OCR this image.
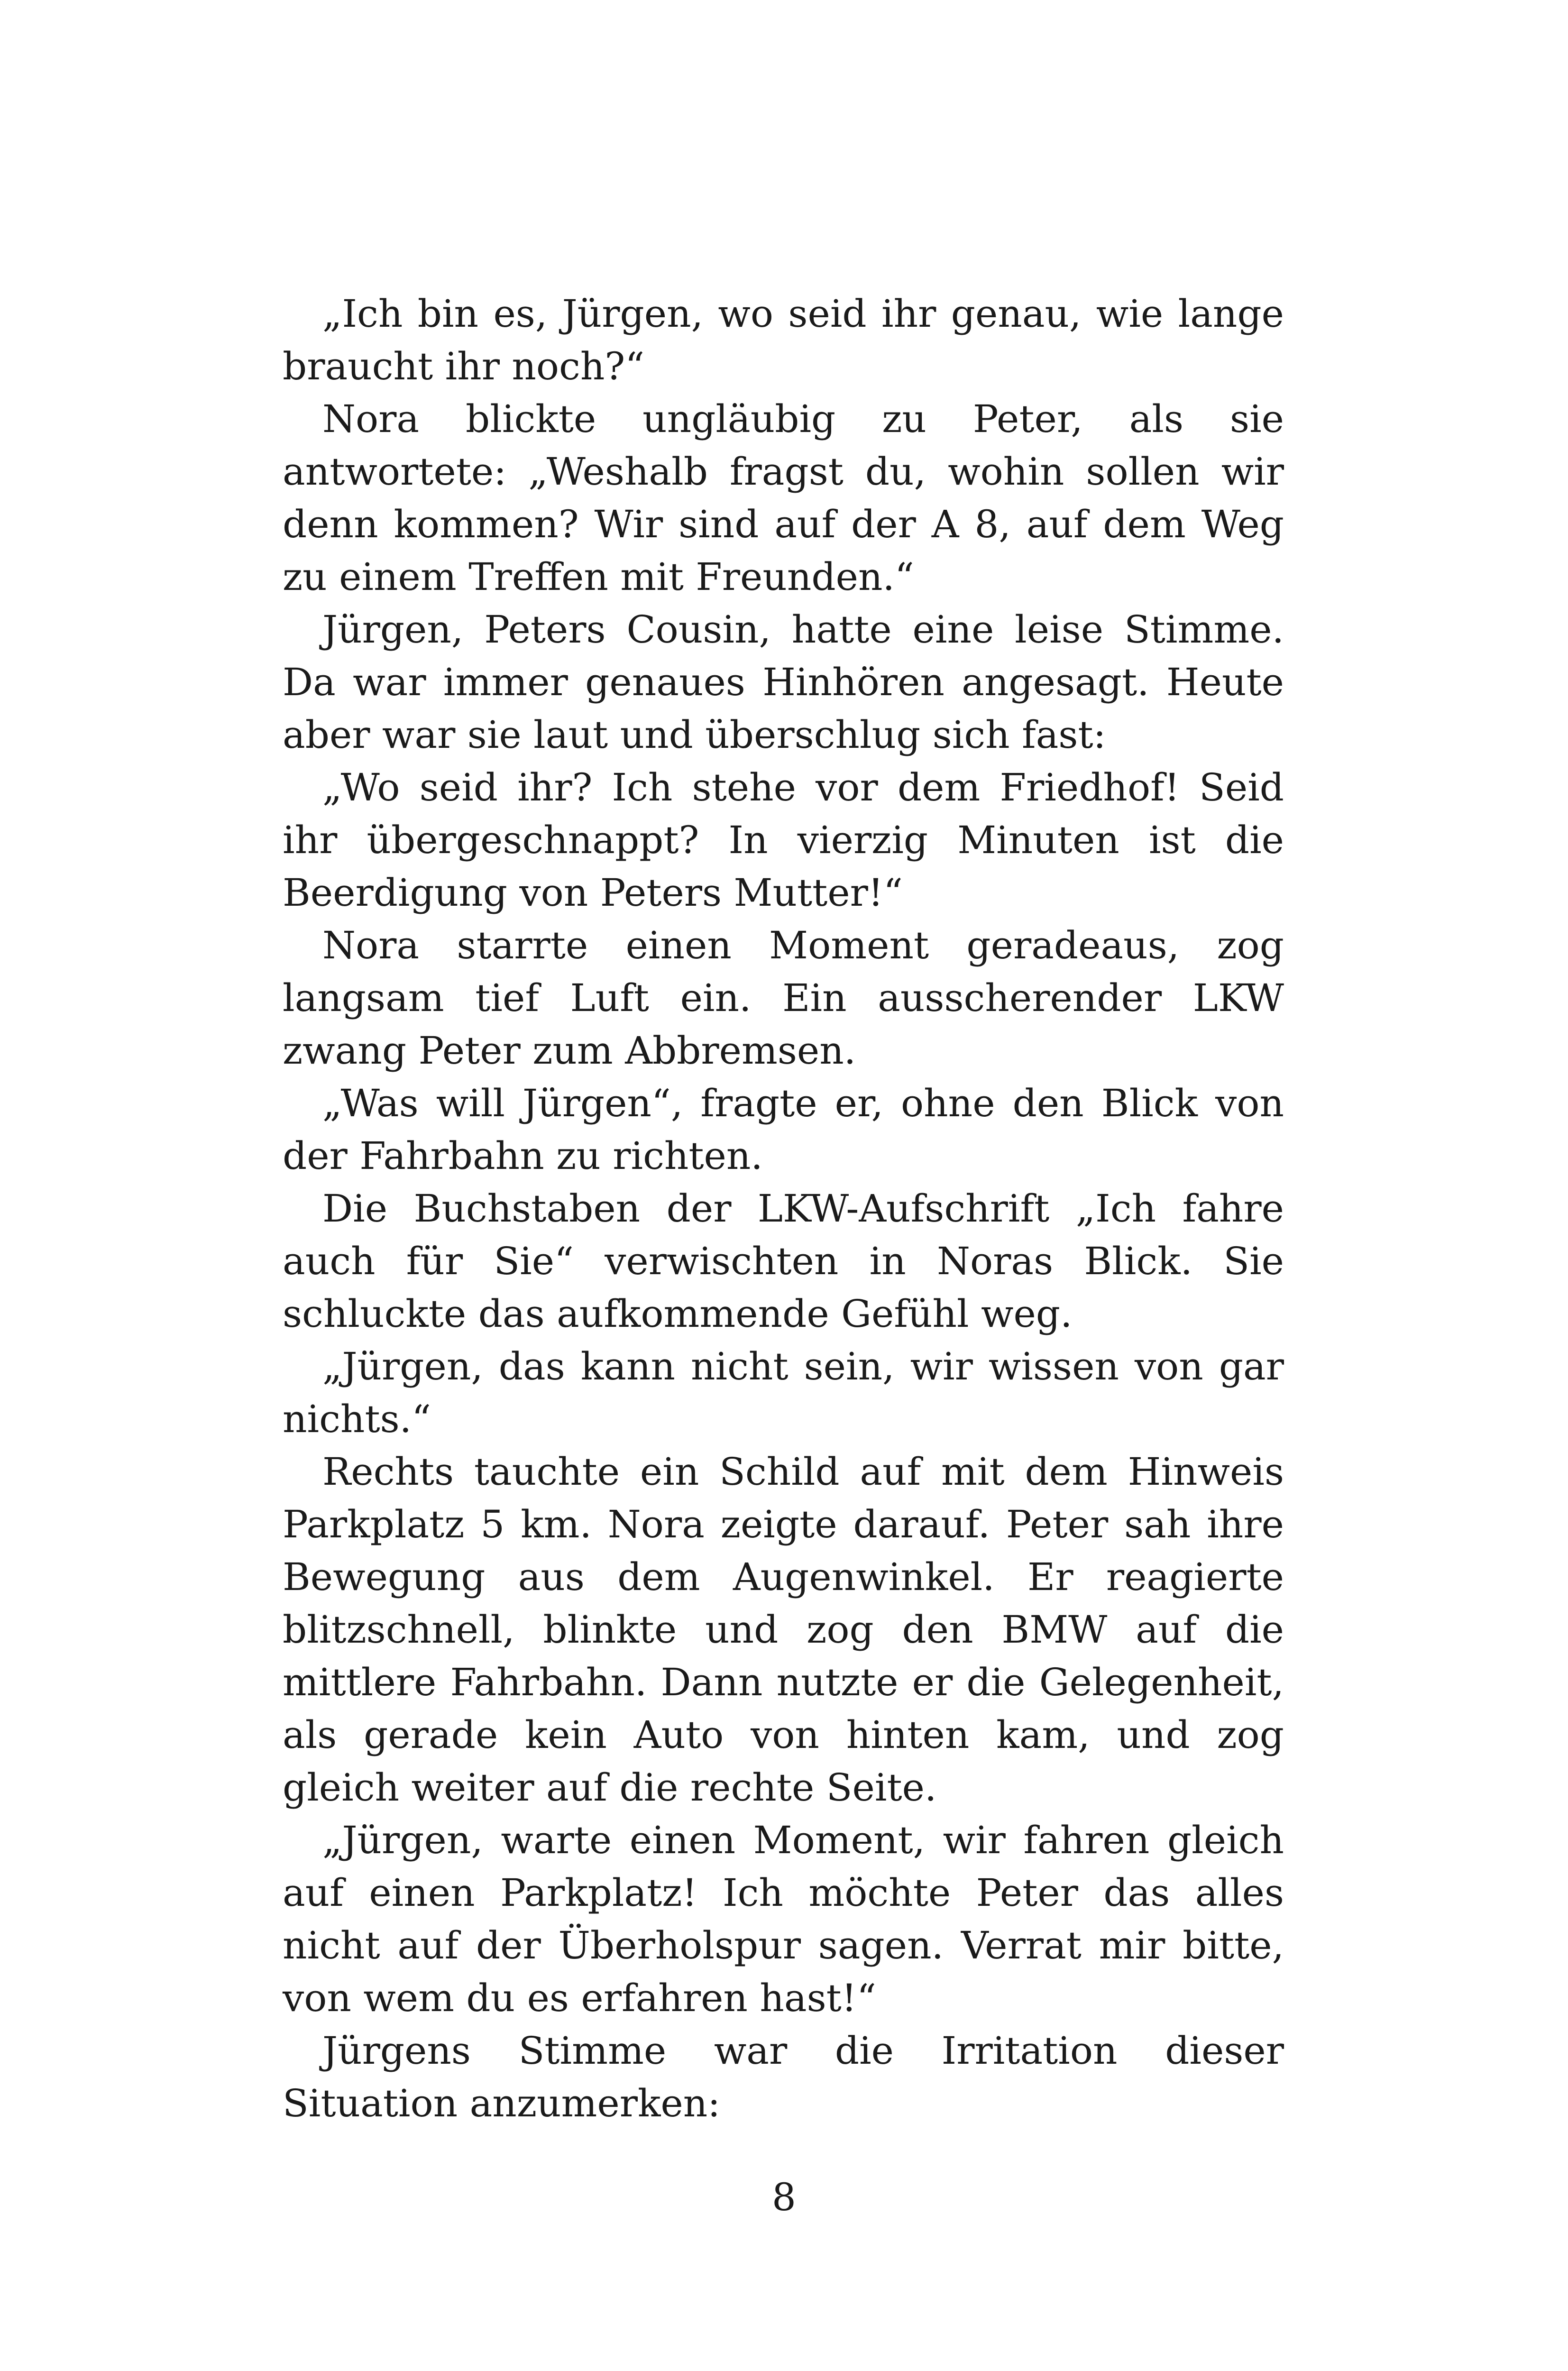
„Ich bin es, Jürgen, wo seid ihr genau, wie lange braucht ihr noch?“

Nora blickte ungläubig zu Peter, als sie antwortete: „Weshalb fragst du, wohin sollen wir denn kommen? Wir sind auf der A 8, auf dem Weg zu einem Treffen mit Freunden.“

Jürgen, Peters Cousin, hatte eine leise Stimme. Da war immer genaues Hinhören angesagt. Heute aber war sie laut und überschlug sich fast:

„Wo seid ihr? Ich stehe vor dem Friedhof! Seid ihr übergeschnappt? In vierzig Minuten ist die Beerdigung von Peters Mutter!“

Nora starrte einen Moment geradeaus, zog langsam tief Luft ein. Ein ausscherender LKW zwang Peter zum Abbremsen.

„Was will Jürgen“, fragte er, ohne den Blick von der Fahrbahn zu richten.

Die Buchstaben der LKW-Aufschrift „Ich fahre auch für Sie“ verwischten in Noras Blick. Sie schluckte das aufkommende Gefühl weg.

„Jürgen, das kann nicht sein, wir wissen von gar nichts.“

Rechts tauchte ein Schild auf mit dem Hinweis Parkplatz 5 km. Nora zeigte darauf. Peter sah ihre Bewegung aus dem Augenwinkel. Er reagierte blitzschnell, blinkte und zog den BMW auf die mittlere Fahrbahn. Dann nutzte er die Gelegenheit, als gerade kein Auto von hinten kam, und zog gleich weiter auf die rechte Seite.

„Jürgen, warte einen Moment, wir fahren gleich auf einen Parkplatz! Ich möchte Peter das alles nicht auf der Überholspur sagen. Verrat mir bitte, von wem du es erfahren hast!“

Jürgens Stimme war die Irritation dieser Situation anzumerken:

8
